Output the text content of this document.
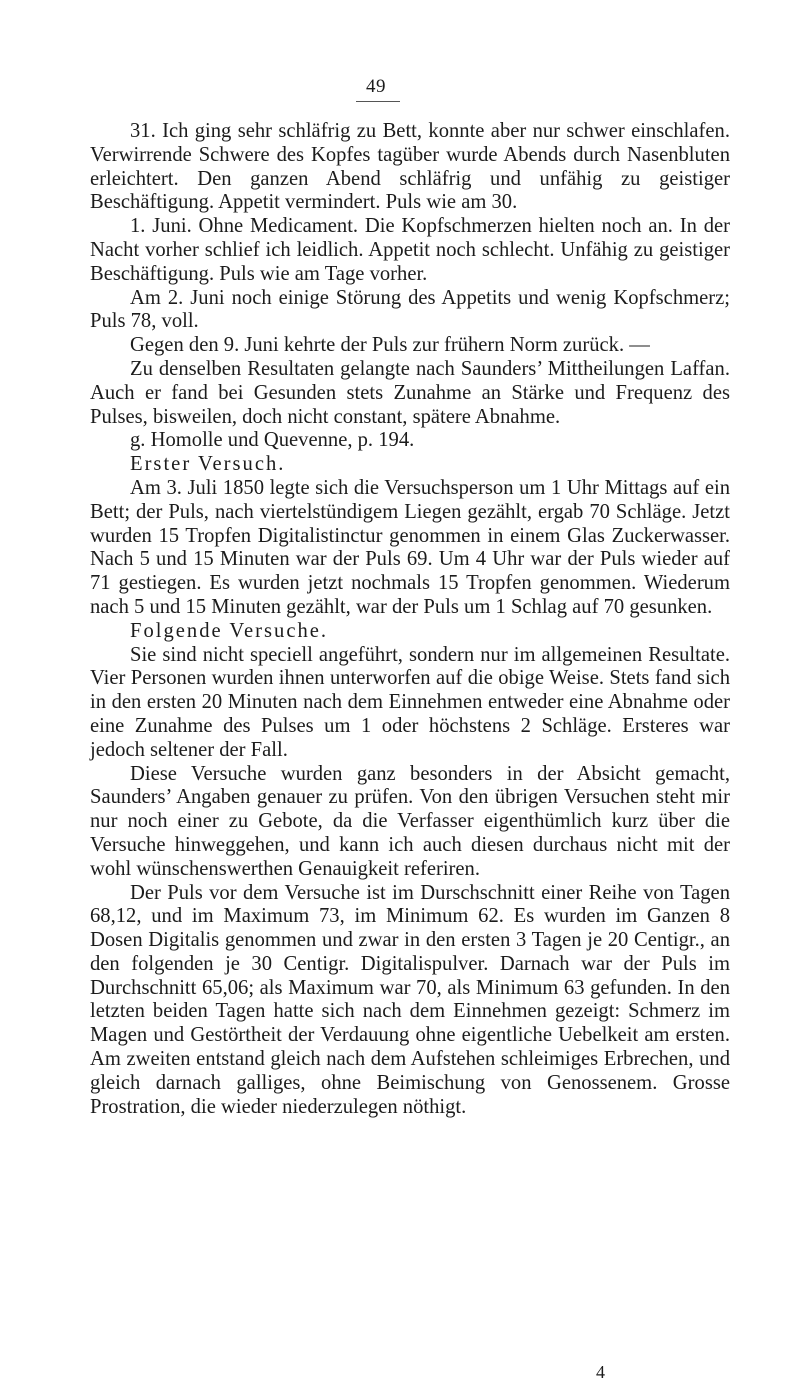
49

31. Ich ging sehr schläfrig zu Bett, konnte aber nur schwer einschlafen. Verwirrende Schwere des Kopfes tagüber wurde Abends durch Nasenbluten erleichtert. Den ganzen Abend schläfrig und unfähig zu geistiger Beschäftigung. Appetit vermindert. Puls wie am 30.

1. Juni. Ohne Medicament. Die Kopfschmerzen hielten noch an. In der Nacht vorher schlief ich leidlich. Appetit noch schlecht. Unfähig zu geistiger Beschäftigung. Puls wie am Tage vorher.

Am 2. Juni noch einige Störung des Appetits und wenig Kopfschmerz; Puls 78, voll.

Gegen den 9. Juni kehrte der Puls zur frühern Norm zurück. —

Zu denselben Resultaten gelangte nach Saunders’ Mittheilungen Laffan. Auch er fand bei Gesunden stets Zunahme an Stärke und Frequenz des Pulses, bisweilen, doch nicht constant, spätere Abnahme.

g. Homolle und Quevenne, p. 194.

Erster Versuch.

Am 3. Juli 1850 legte sich die Versuchsperson um 1 Uhr Mittags auf ein Bett; der Puls, nach viertelstündigem Liegen gezählt, ergab 70 Schläge. Jetzt wurden 15 Tropfen Digitalistinctur genommen in einem Glas Zuckerwasser. Nach 5 und 15 Minuten war der Puls 69. Um 4 Uhr war der Puls wieder auf 71 gestiegen. Es wurden jetzt nochmals 15 Tropfen genommen. Wiederum nach 5 und 15 Minuten gezählt, war der Puls um 1 Schlag auf 70 gesunken.

Folgende Versuche.

Sie sind nicht speciell angeführt, sondern nur im allgemeinen Resultate. Vier Personen wurden ihnen unterworfen auf die obige Weise. Stets fand sich in den ersten 20 Minuten nach dem Einnehmen entweder eine Abnahme oder eine Zunahme des Pulses um 1 oder höchstens 2 Schläge. Ersteres war jedoch seltener der Fall.

Diese Versuche wurden ganz besonders in der Absicht gemacht, Saunders’ Angaben genauer zu prüfen. Von den übrigen Versuchen steht mir nur noch einer zu Gebote, da die Verfasser eigenthümlich kurz über die Versuche hinweggehen, und kann ich auch diesen durchaus nicht mit der wohl wünschenswerthen Genauigkeit referiren.

Der Puls vor dem Versuche ist im Durschschnitt einer Reihe von Tagen 68,12, und im Maximum 73, im Minimum 62. Es wurden im Ganzen 8 Dosen Digitalis genommen und zwar in den ersten 3 Tagen je 20 Centigr., an den folgenden je 30 Centigr. Digitalispulver. Darnach war der Puls im Durchschnitt 65,06; als Maximum war 70, als Minimum 63 gefunden. In den letzten beiden Tagen hatte sich nach dem Einnehmen gezeigt: Schmerz im Magen und Gestörtheit der Verdauung ohne eigentliche Uebelkeit am ersten. Am zweiten entstand gleich nach dem Aufstehen schleimiges Erbrechen, und gleich darnach galliges, ohne Beimischung von Genossenem. Grosse Prostration, die wieder niederzulegen nöthigt.

4
